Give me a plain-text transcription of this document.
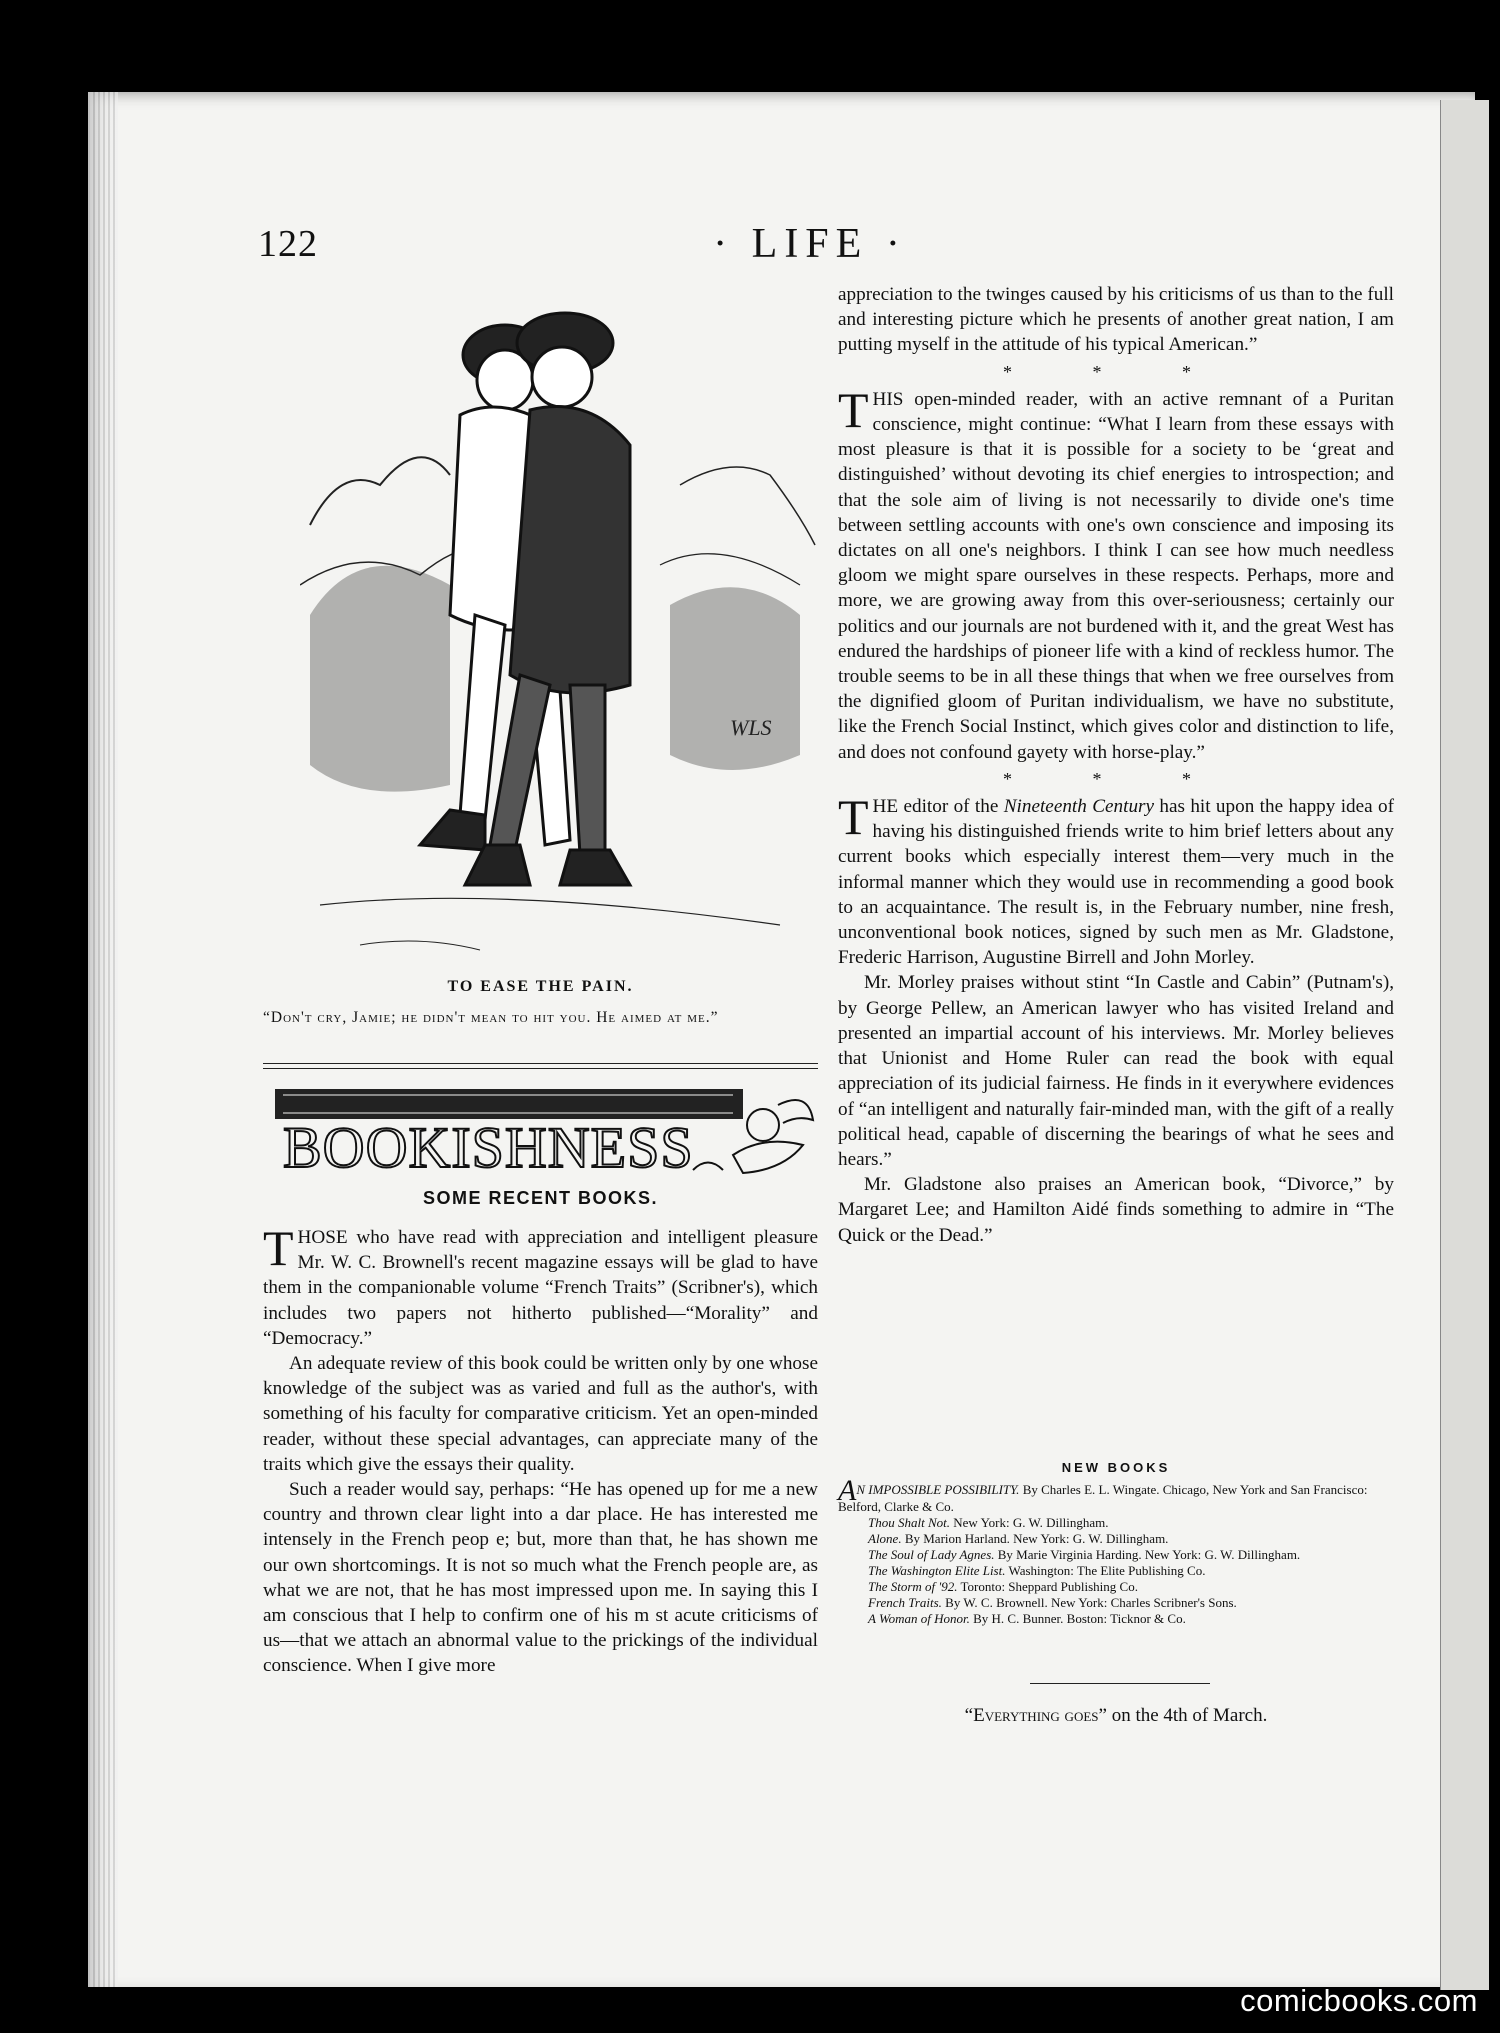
122	· LIFE ·
WLS
TO EASE THE PAIN.
“Don't cry, Jamie; he didn't mean to hit you. He aimed at me.”
BOOKISHNESS
SOME RECENT BOOKS.

THOSE who have read with appreciation and intelligent pleasure Mr. W. C. Brownell's recent magazine essays will be glad to have them in the companionable volume “French Traits” (Scribner's), which includes two papers not hitherto published—“Morality” and “Democracy.”

An adequate review of this book could be written only by one whose knowledge of the subject was as varied and full as the author's, with something of his faculty for comparative criticism. Yet an open-minded reader, without these special advantages, can appreciate many of the traits which give the essays their quality.

Such a reader would say, perhaps: “He has opened up for me a new country and thrown clear light into a dar place. He has interested me intensely in the French peop e; but, more than that, he has shown me our own shortcomings. It is not so much what the French people are, as what we are not, that he has most impressed upon me. In saying this I am conscious that I help to confirm one of his m st acute criticisms of us—that we attach an abnormal value to the prickings of the individual conscience. When I give more

appreciation to the twinges caused by his criticisms of us than to the full and interesting picture which he presents of another great nation, I am putting myself in the attitude of his typical American.”

* * *

THIS open-minded reader, with an active remnant of a Puritan conscience, might continue: “What I learn from these essays with most pleasure is that it is possible for a society to be ‘great and distinguished’ without devoting its chief energies to introspection; and that the sole aim of living is not necessarily to divide one's time between settling accounts with one's own conscience and imposing its dictates on all one's neighbors. I think I can see how much needless gloom we might spare ourselves in these respects. Perhaps, more and more, we are growing away from this over-seriousness; certainly our politics and our journals are not burdened with it, and the great West has endured the hardships of pioneer life with a kind of reckless humor. The trouble seems to be in all these things that when we free ourselves from the dignified gloom of Puritan individualism, we have no substitute, like the French Social Instinct, which gives color and distinction to life, and does not confound gayety with horse-play.”

* * *

THE editor of the Nineteenth Century has hit upon the happy idea of having his distinguished friends write to him brief letters about any current books which especially interest them—very much in the informal manner which they would use in recommending a good book to an acquaintance. The result is, in the February number, nine fresh, unconventional book notices, signed by such men as Mr. Gladstone, Frederic Harrison, Augustine Birrell and John Morley.

Mr. Morley praises without stint “In Castle and Cabin” (Putnam's), by George Pellew, an American lawyer who has visited Ireland and presented an impartial account of his interviews. Mr. Morley believes that Unionist and Home Ruler can read the book with equal appreciation of its judicial fairness. He finds in it everywhere evidences of “an intelligent and naturally fair-minded man, with the gift of a really political head, capable of discerning the bearings of what he sees and hears.”

Mr. Gladstone also praises an American book, “Divorce,” by Margaret Lee; and Hamilton Aidé finds something to admire in “The Quick or the Dead.”

NEW BOOKS
AN IMPOSSIBLE POSSIBILITY. By Charles E. L. Wingate. Chicago, New York and San Francisco: Belford, Clarke & Co.
Thou Shalt Not. New York: G. W. Dillingham.
Alone. By Marion Harland. New York: G. W. Dillingham.
The Soul of Lady Agnes. By Marie Virginia Harding. New York: G. W. Dillingham.
The Washington Elite List. Washington: The Elite Publishing Co.
The Storm of '92. Toronto: Sheppard Publishing Co.
French Traits. By W. C. Brownell. New York: Charles Scribner's Sons.
A Woman of Honor. By H. C. Bunner. Boston: Ticknor & Co.
“Everything goes” on the 4th of March.
comicbooks.com
